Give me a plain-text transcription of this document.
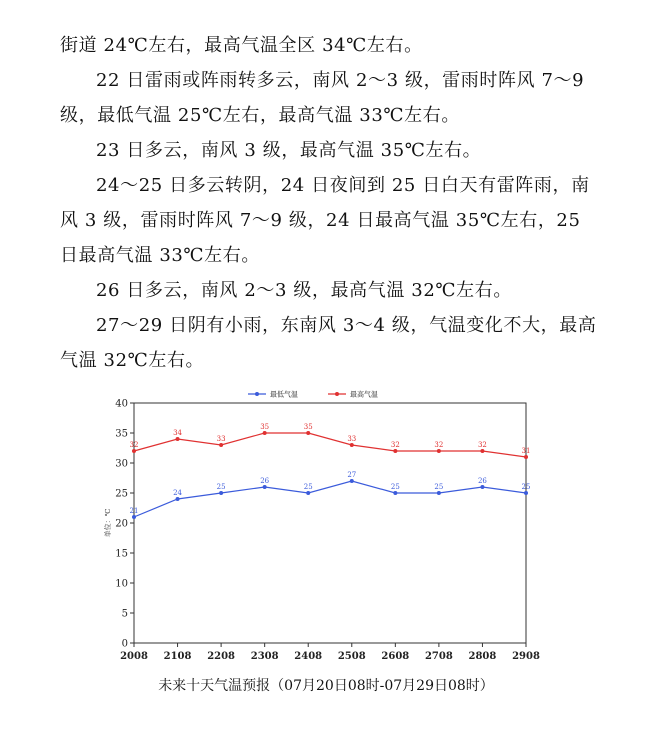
街道 24℃左右，最高气温全区 34℃左右。

22 日雷雨或阵雨转多云，南风 2～3 级，雷雨时阵风 7～9 级，最低气温 25℃左右，最高气温 33℃左右。

23 日多云，南风 3 级，最高气温 35℃左右。

24～25 日多云转阴，24 日夜间到 25 日白天有雷阵雨，南风 3 级，雷雨时阵风 7～9 级，24 日最高气温 35℃左右，25 日最高气温 33℃左右。

26 日多云，南风 2～3 级，最高气温 32℃左右。

27～29 日阴有小雨，东南风 3～4 级，气温变化不大，最高气温 32℃左右。

最低气温	最高气温
0
5
10
15
20
25
30
35
40
2008 2108 2208 2308 2408 2508 2608 2708 2808 2908
21
24
25
26
25
27
25	25
26
25
32
34
33
35	35
33
32	32	32
31
单位：℃
未来十天气温预报（07月20日08时-07月29日08时）
